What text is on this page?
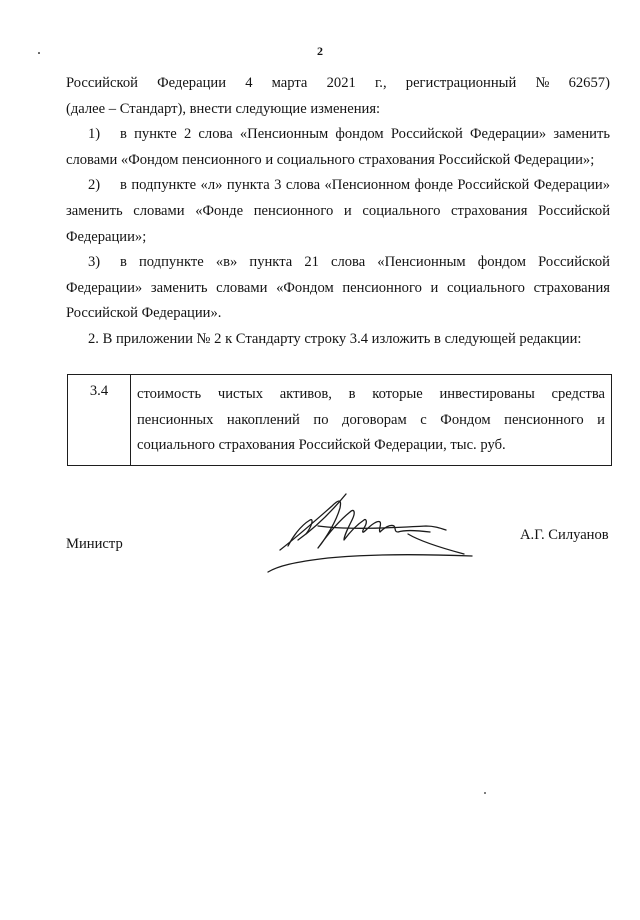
2
Российской Федерации 4 марта 2021 г., регистрационный № 62657)

(далее – Стандарт), внести следующие изменения:

1) в пункте 2 слова «Пенсионным фондом Российской Федерации» заменить словами «Фондом пенсионного и социального страхования Российской Федерации»;

2) в подпункте «л» пункта 3 слова «Пенсионном фонде Российской Федерации» заменить словами «Фонде пенсионного и социального страхования Российской Федерации»;

3) в подпункте «в» пункта 21 слова «Пенсионным фондом Российской Федерации» заменить словами «Фондом пенсионного и социального страхования Российской Федерации».

2. В приложении № 2 к Стандарту строку 3.4 изложить в следующей редакции:

3.4	стоимость чистых активов, в которые инвестированы средства пенсионных накоплений по договорам с Фондом пенсионного и социального страхования Российской Федерации, тыс. руб.
Министр
А.Г. Силуанов
